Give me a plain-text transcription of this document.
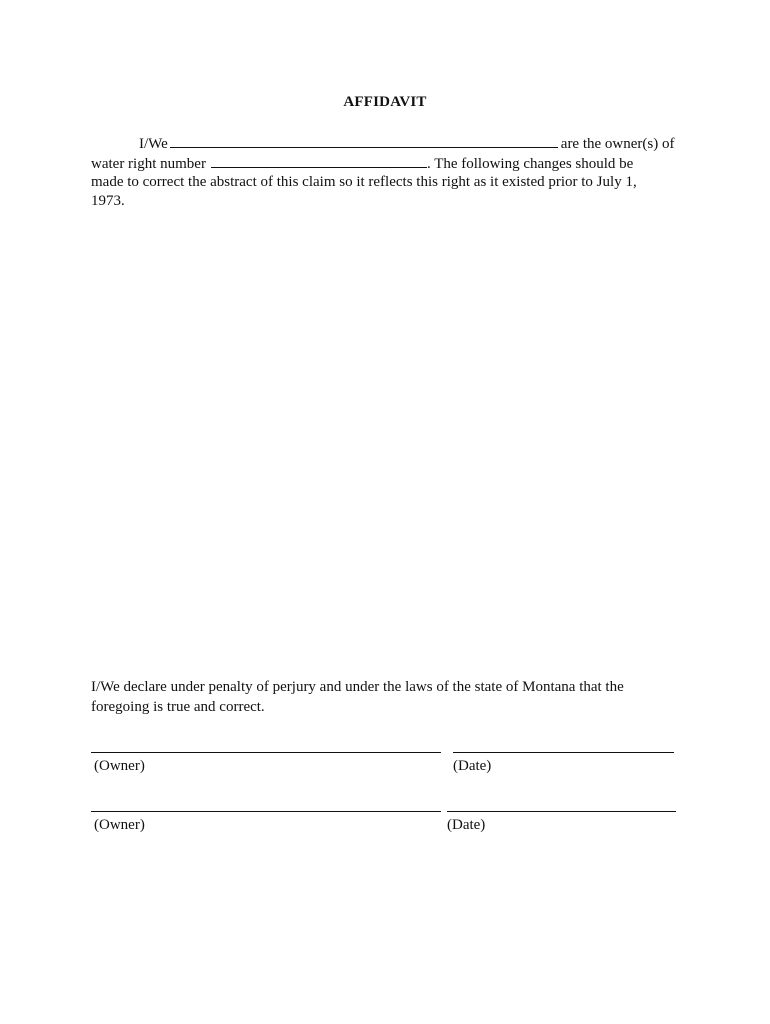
AFFIDAVIT
I/We	are the owner(s) of
water right number	. The following changes should be
made to correct the abstract of this claim so it reflects this right as it existed prior to July 1,
1973.
I/We declare under penalty of perjury and under the laws of the state of Montana that the
foregoing is true and correct.
(Owner)	(Date)
(Owner)	(Date)
